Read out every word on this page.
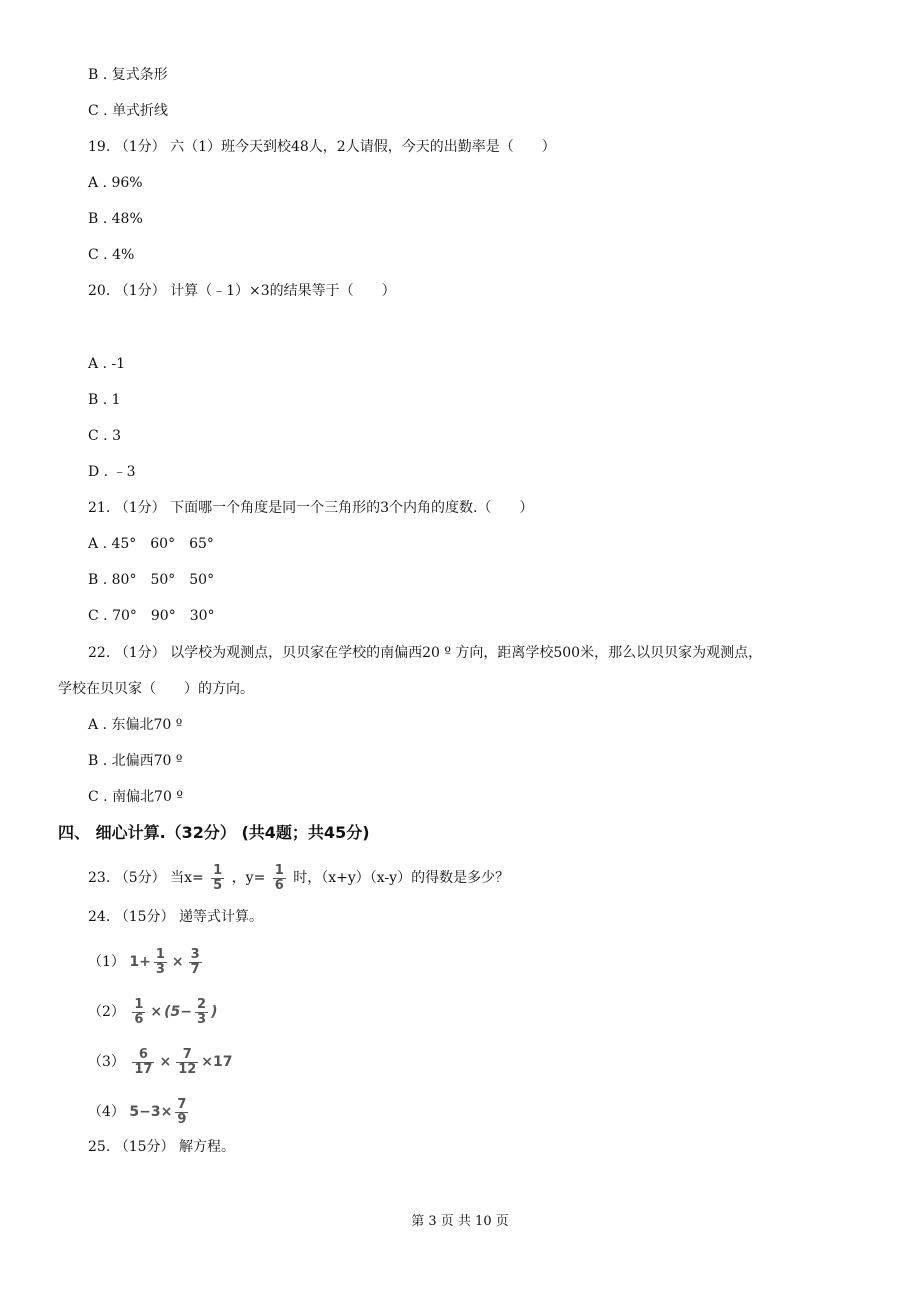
B . 复式条形
C . 单式折线
19. （1分） 六（1）班今天到校48人，2人请假，今天的出勤率是（　　）
A . 96%
B . 48%
C . 4%
20. （1分） 计算（﹣1）×3的结果等于（　　）
A . -1
B . 1
C . 3
D . ﹣3
21. （1分） 下面哪一个角度是同一个三角形的3个内角的度数.（　　）
A . 45°　60°　65°
B . 80°　50°　50°
C . 70°　90°　30°
22. （1分） 以学校为观测点，贝贝家在学校的南偏西20 º 方向，距离学校500米，那么以贝贝家为观测点，
学校在贝贝家（　　）的方向。
A . 东偏北70 º
B . 北偏西70 º
C . 南偏北70 º
四、 细心计算.（32分） (共4题；共45分)
23. （5分） 当$x= \frac{1}{5}$ ，$y= \frac{1}{6}$ 时，（x+y）（x-y）的得数是多少？
24. （15分） 递等式计算。
（1） $1+ \frac{1}{3} \times \frac{3}{7}$
$(2) \frac{1}{6} \times (5- \frac{2}{3}$ )
$(3) \frac{6}{17} \times \frac{7}{12} \times 17$
（4） $5-3\times \frac{7}{9}$
25. （15分） 解方程。
第 3 页 共 10 页
